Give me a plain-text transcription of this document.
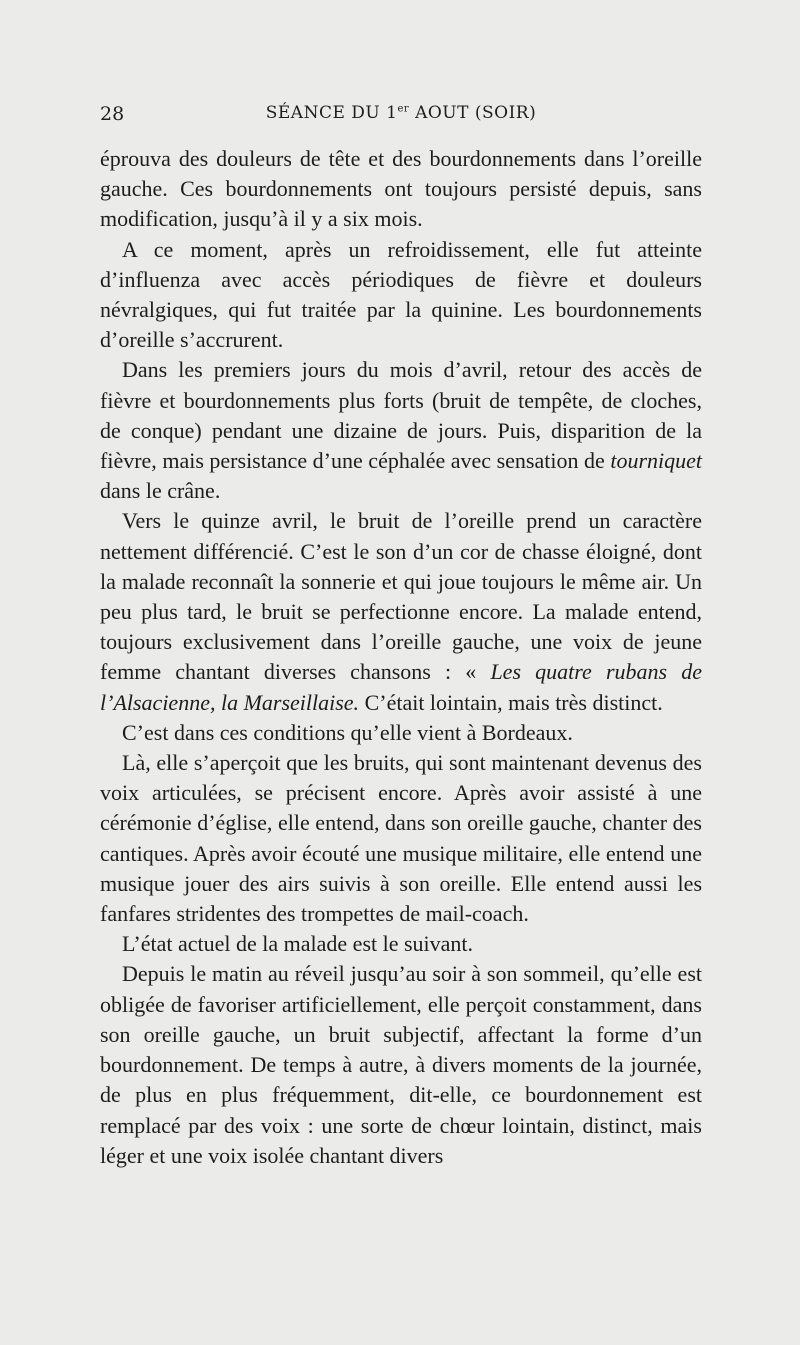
28	SÉANCE DU 1er AOUT (SOIR)

éprouva des douleurs de tête et des bourdonnements dans l’oreille gauche. Ces bourdonnements ont toujours persisté depuis, sans modification, jusqu’à il y a six mois.

A ce moment, après un refroidissement, elle fut atteinte d’influenza avec accès périodiques de fièvre et douleurs névralgiques, qui fut traitée par la quinine. Les bourdonnements d’oreille s’accrurent.

Dans les premiers jours du mois d’avril, retour des accès de fièvre et bourdonnements plus forts (bruit de tempête, de cloches, de conque) pendant une dizaine de jours. Puis, disparition de la fièvre, mais persistance d’une céphalée avec sensation de tourniquet dans le crâne.

Vers le quinze avril, le bruit de l’oreille prend un caractère nettement différencié. C’est le son d’un cor de chasse éloigné, dont la malade reconnaît la sonnerie et qui joue toujours le même air. Un peu plus tard, le bruit se perfectionne encore. La malade entend, toujours exclusivement dans l’oreille gauche, une voix de jeune femme chantant diverses chansons : « Les quatre rubans de l’Alsacienne, la Marseillaise. C’était lointain, mais très distinct.

C’est dans ces conditions qu’elle vient à Bordeaux.

Là, elle s’aperçoit que les bruits, qui sont maintenant devenus des voix articulées, se précisent encore. Après avoir assisté à une cérémonie d’église, elle entend, dans son oreille gauche, chanter des cantiques. Après avoir écouté une musique militaire, elle entend une musique jouer des airs suivis à son oreille. Elle entend aussi les fanfares stridentes des trompettes de mail-coach.

L’état actuel de la malade est le suivant.

Depuis le matin au réveil jusqu’au soir à son sommeil, qu’elle est obligée de favoriser artificiellement, elle perçoit constamment, dans son oreille gauche, un bruit subjectif, affectant la forme d’un bourdonnement. De temps à autre, à divers moments de la journée, de plus en plus fréquemment, dit-elle, ce bourdonnement est remplacé par des voix : une sorte de chœur lointain, distinct, mais léger et une voix isolée chantant divers
